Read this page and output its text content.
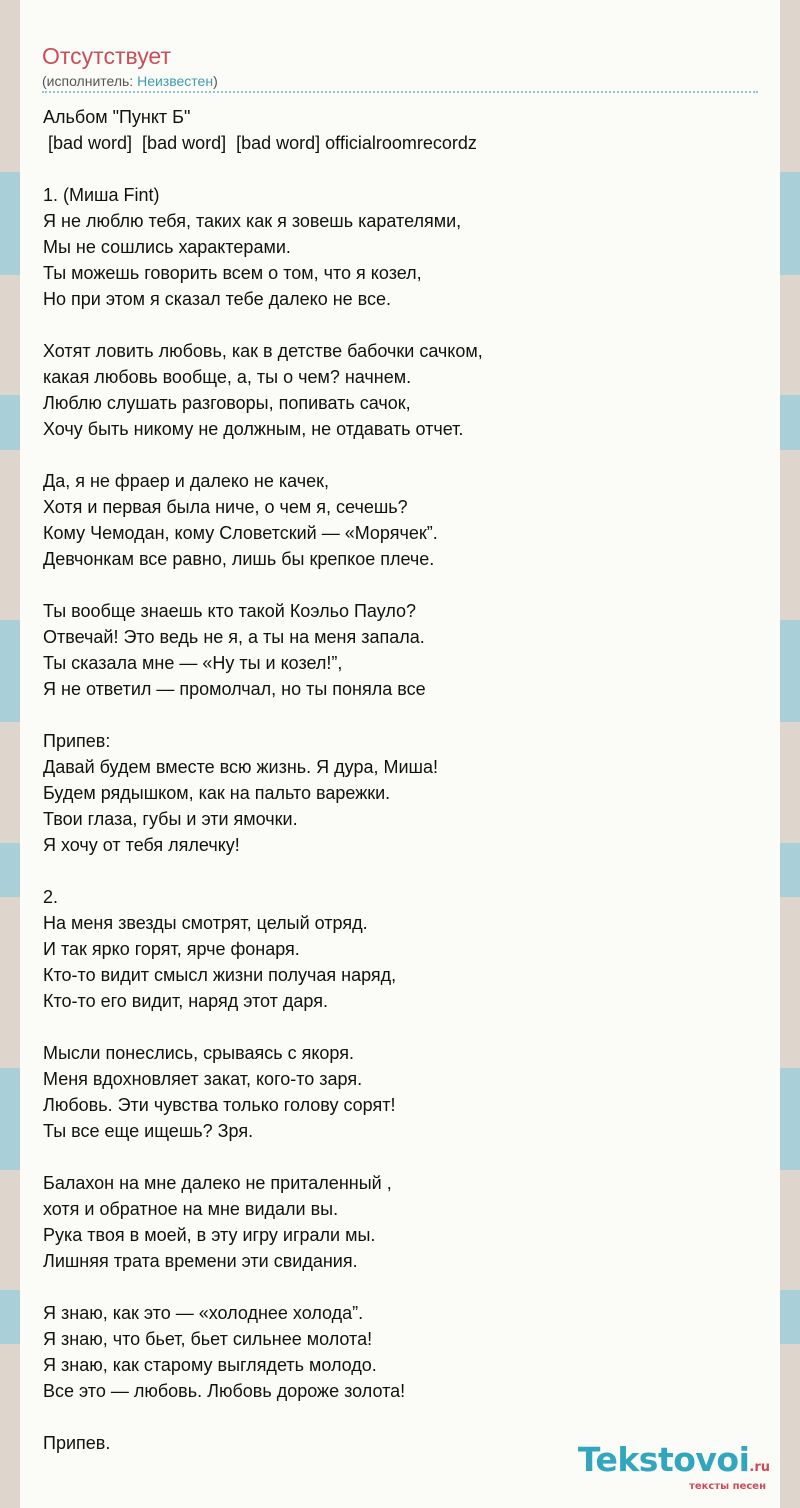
Отсутствует
(исполнитель: Неизвестен)
Альбом "Пункт Б"
[bad word]  [bad word]  [bad word] officialroomrecordz
1. (Миша Fint)
Я не люблю тебя, таких как я зовешь карателями,
Мы не сошлись характерами.
Ты можешь говорить всем о том, что я козел,
Но при этом я сказал тебе далеко не все.
Хотят ловить любовь, как в детстве бабочки сачком,
какая любовь вообще, а, ты о чем? начнем.
Люблю слушать разговоры, попивать сачок,
Хочу быть никому не должным, не отдавать отчет.
Да, я не фраер и далеко не качек,
Хотя и первая была ниче, о чем я, сечешь?
Кому Чемодан, кому Словетский — «Морячек”.
Девчонкам все равно, лишь бы крепкое плече.
Ты вообще знаешь кто такой Коэльо Пауло?
Отвечай! Это ведь не я, а ты на меня запала.
Ты сказала мне — «Ну ты и козел!”,
Я не ответил — промолчал, но ты поняла все
Припев:
Давай будем вместе всю жизнь. Я дура, Миша!
Будем рядышком, как на пальто варежки.
Твои глаза, губы и эти ямочки.
Я хочу от тебя лялечку!
2.
На меня звезды смотрят, целый отряд.
И так ярко горят, ярче фонаря.
Кто-то видит смысл жизни получая наряд,
Кто-то его видит, наряд этот даря.
Мысли понеслись, срываясь с якоря.
Меня вдохновляет закат, кого-то заря.
Любовь. Эти чувства только голову сорят!
Ты все еще ищешь? Зря.
Балахон на мне далеко не приталенный ,
хотя и обратное на мне видали вы.
Рука твоя в моей, в эту игру играли мы.
Лишняя трата времени эти свидания.
Я знаю, как это — «холоднее холода”.
Я знаю, что бьет, бьет сильнее молота!
Я знаю, как старому выглядеть молодо.
Все это — любовь. Любовь дороже золота!
Припев.	Tekstovoi.ru
тексты песен
